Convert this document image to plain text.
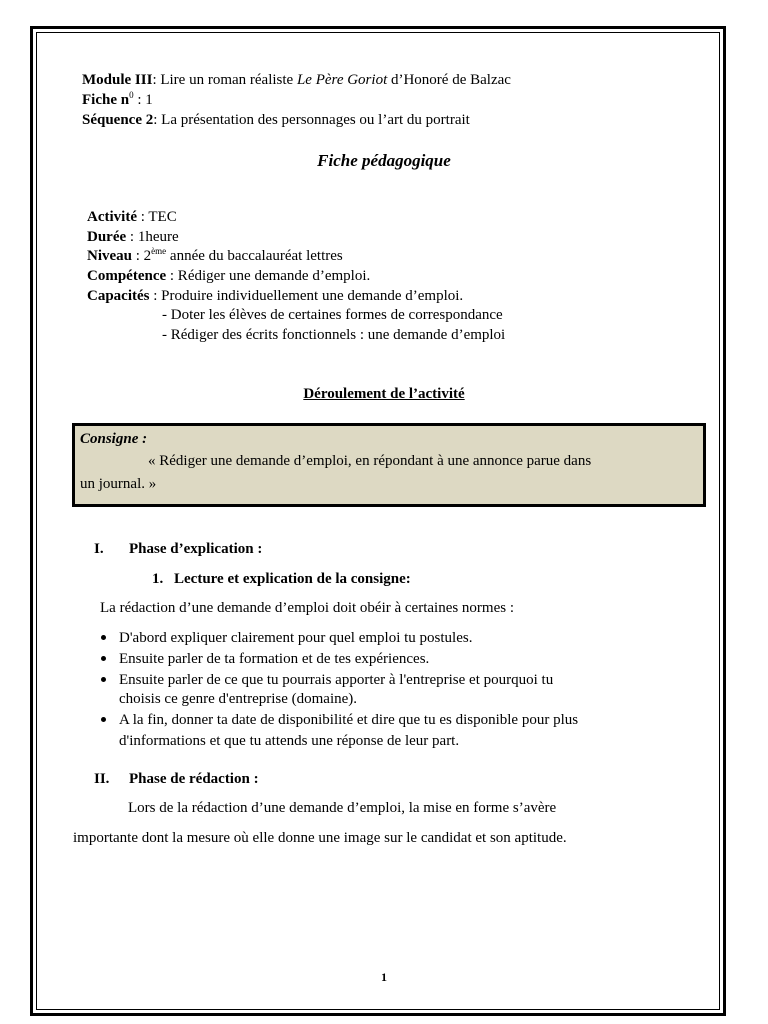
Module III: Lire un roman réaliste Le Père Goriot d’Honoré de Balzac
Fiche $n^0$ : 1
Séquence 2: La présentation des personnages ou l’art du portrait
Fiche pédagogique
Activité : TEC
Durée : 1heure
Niveau : 2ème année du baccalauréat lettres
Compétence : Rédiger une demande d’emploi.
Capacités : Produire individuellement une demande d’emploi.
- Doter les élèves de certaines formes de correspondance
- Rédiger des écrits fonctionnels : une demande d’emploi
Déroulement de l’activité
Consigne :
« Rédiger une demande d’emploi, en répondant à une annonce parue dans
un journal. »
I. Phase d’explication :
1. Lecture et explication de la consigne:
La rédaction d’une demande d’emploi doit obéir à certaines normes :
D'abord expliquer clairement pour quel emploi tu postules.
Ensuite parler de ta formation et de tes expériences.
Ensuite parler de ce que tu pourrais apporter à l'entreprise et pourquoi tu
choisis ce genre d'entreprise (domaine).
A la fin, donner ta date de disponibilité et dire que tu es disponible pour plus
d'informations et que tu attends une réponse de leur part.
II. Phase de rédaction :
Lors de la rédaction d’une demande d’emploi, la mise en forme s’avère
importante dont la mesure où elle donne une image sur le candidat et son aptitude.
1
